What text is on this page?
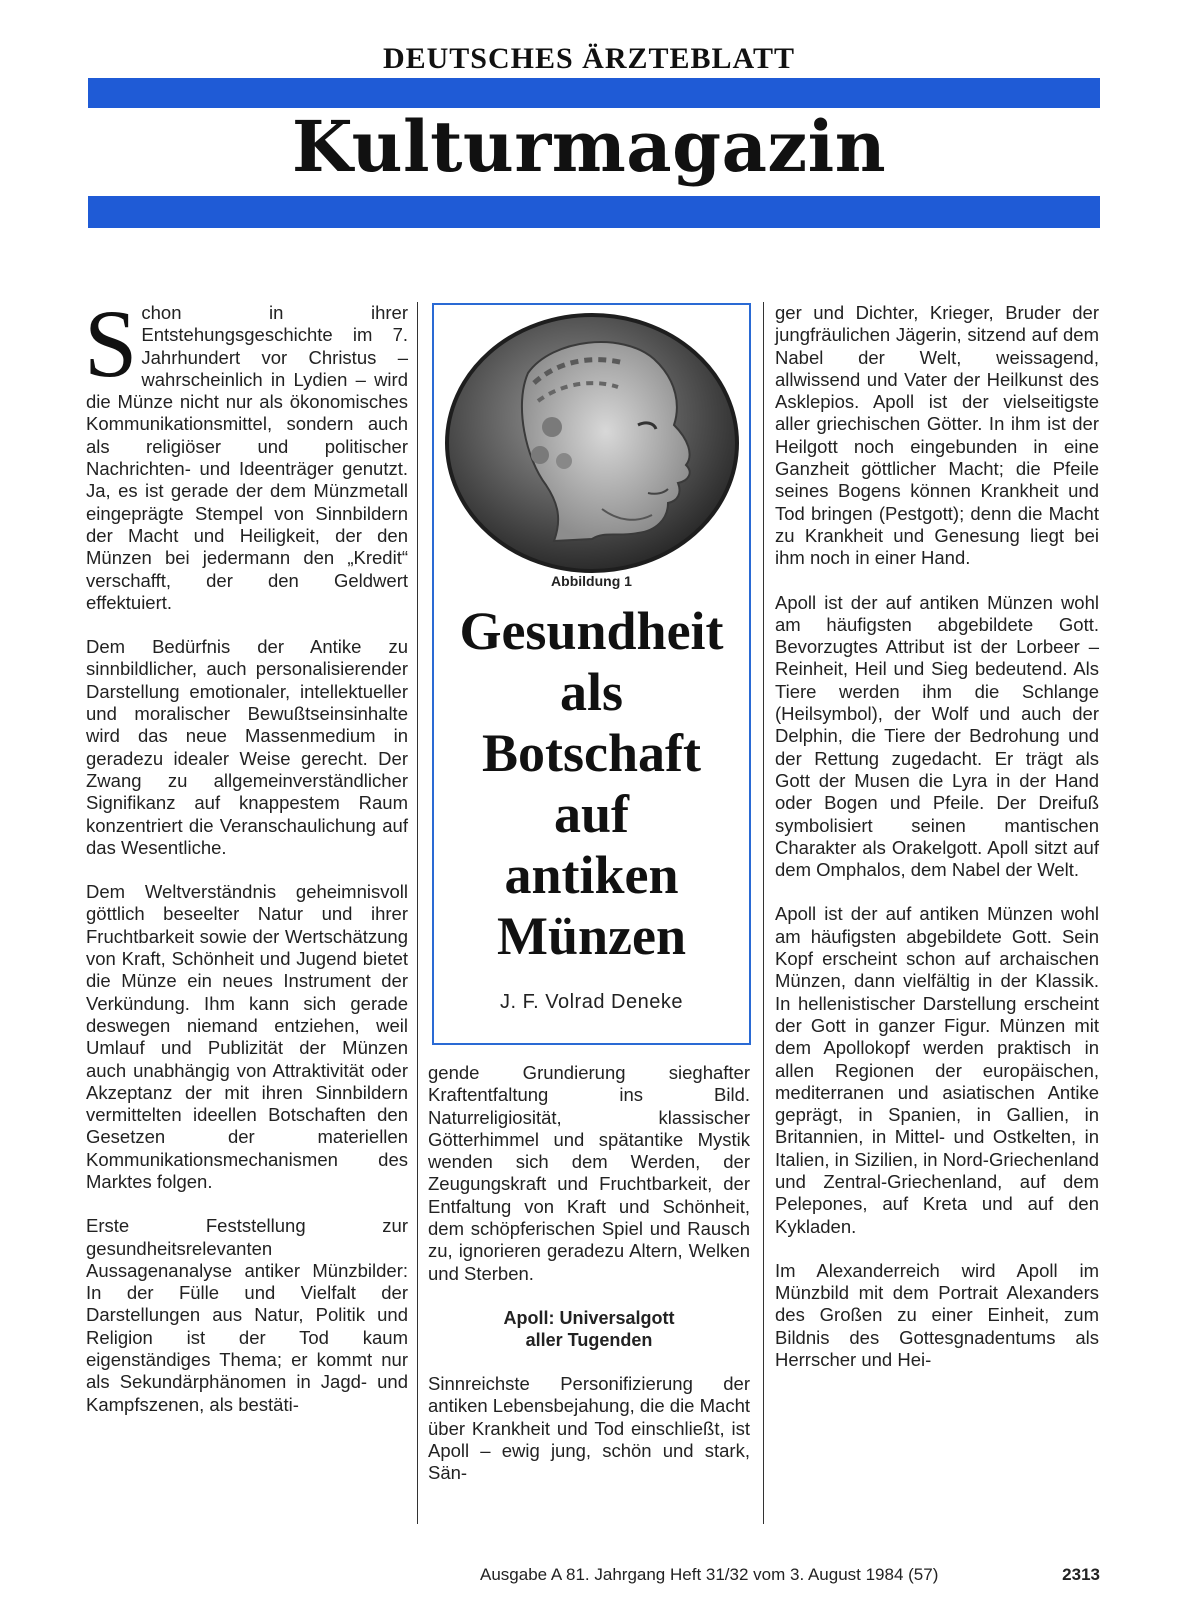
DEUTSCHES ÄRZTEBLATT
Kulturmagazin

Schon in ihrer Entstehungsgeschichte im 7. Jahrhundert vor Christus – wahrscheinlich in Lydien – wird die Münze nicht nur als ökonomisches Kommunikationsmittel, sondern auch als religiöser und politischer Nachrichten- und Ideenträger genutzt. Ja, es ist gerade der dem Münzmetall eingeprägte Stempel von Sinnbildern der Macht und Heiligkeit, der den Münzen bei jedermann den „Kredit“ verschafft, der den Geldwert effektuiert.

Dem Bedürfnis der Antike zu sinnbildlicher, auch personalisierender Darstellung emotionaler, intellektueller und moralischer Bewußtseinsinhalte wird das neue Massenmedium in geradezu idealer Weise gerecht. Der Zwang zu allgemeinverständlicher Signifikanz auf knappestem Raum konzentriert die Veranschaulichung auf das Wesentliche.

Dem Weltverständnis geheimnisvoll göttlich beseelter Natur und ihrer Fruchtbarkeit sowie der Wertschätzung von Kraft, Schönheit und Jugend bietet die Münze ein neues Instrument der Verkündung. Ihm kann sich gerade deswegen niemand entziehen, weil Umlauf und Publizität der Münzen auch unabhängig von Attraktivität oder Akzeptanz der mit ihren Sinnbildern vermittelten ideellen Botschaften den Gesetzen der materiellen Kommunikationsmechanismen des Marktes folgen.

Erste Feststellung zur gesundheitsrelevanten Aussagenanalyse antiker Münzbilder: In der Fülle und Vielfalt der Darstellungen aus Natur, Politik und Religion ist der Tod kaum eigenständiges Thema; er kommt nur als Sekundärphänomen in Jagd- und Kampfszenen, als bestäti-

Abbildung 1
Gesundheit
als
Botschaft
auf
antiken
Münzen
J. F. Volrad Deneke

gende Grundierung sieghafter Kraftentfaltung ins Bild. Naturreligiosität, klassischer Götterhimmel und spätantike Mystik wenden sich dem Werden, der Zeugungskraft und Fruchtbarkeit, der Entfaltung von Kraft und Schönheit, dem schöpferischen Spiel und Rausch zu, ignorieren geradezu Altern, Welken und Sterben.

Apoll: Universalgott
aller Tugenden

Sinnreichste Personifizierung der antiken Lebensbejahung, die die Macht über Krankheit und Tod einschließt, ist Apoll – ewig jung, schön und stark, Sän-

ger und Dichter, Krieger, Bruder der jungfräulichen Jägerin, sitzend auf dem Nabel der Welt, weissagend, allwissend und Vater der Heilkunst des Asklepios. Apoll ist der vielseitigste aller griechischen Götter. In ihm ist der Heilgott noch eingebunden in eine Ganzheit göttlicher Macht; die Pfeile seines Bogens können Krankheit und Tod bringen (Pestgott); denn die Macht zu Krankheit und Genesung liegt bei ihm noch in einer Hand.

Apoll ist der auf antiken Münzen wohl am häufigsten abgebildete Gott. Bevorzugtes Attribut ist der Lorbeer – Reinheit, Heil und Sieg bedeutend. Als Tiere werden ihm die Schlange (Heilsymbol), der Wolf und auch der Delphin, die Tiere der Bedrohung und der Rettung zugedacht. Er trägt als Gott der Musen die Lyra in der Hand oder Bogen und Pfeile. Der Dreifuß symbolisiert seinen mantischen Charakter als Orakelgott. Apoll sitzt auf dem Omphalos, dem Nabel der Welt.

Apoll ist der auf antiken Münzen wohl am häufigsten abgebildete Gott. Sein Kopf erscheint schon auf archaischen Münzen, dann vielfältig in der Klassik. In hellenistischer Darstellung erscheint der Gott in ganzer Figur. Münzen mit dem Apollokopf werden praktisch in allen Regionen der europäischen, mediterranen und asiatischen Antike geprägt, in Spanien, in Gallien, in Britannien, in Mittel- und Ostkelten, in Italien, in Sizilien, in Nord-Griechenland und Zentral-Griechenland, auf dem Pelepones, auf Kreta und auf den Kykladen.

Im Alexanderreich wird Apoll im Münzbild mit dem Portrait Alexanders des Großen zu einer Einheit, zum Bildnis des Gottesgnadentums als Herrscher und Hei-

Ausgabe A 81. Jahrgang Heft 31/32 vom 3. August 1984 (57)	2313
